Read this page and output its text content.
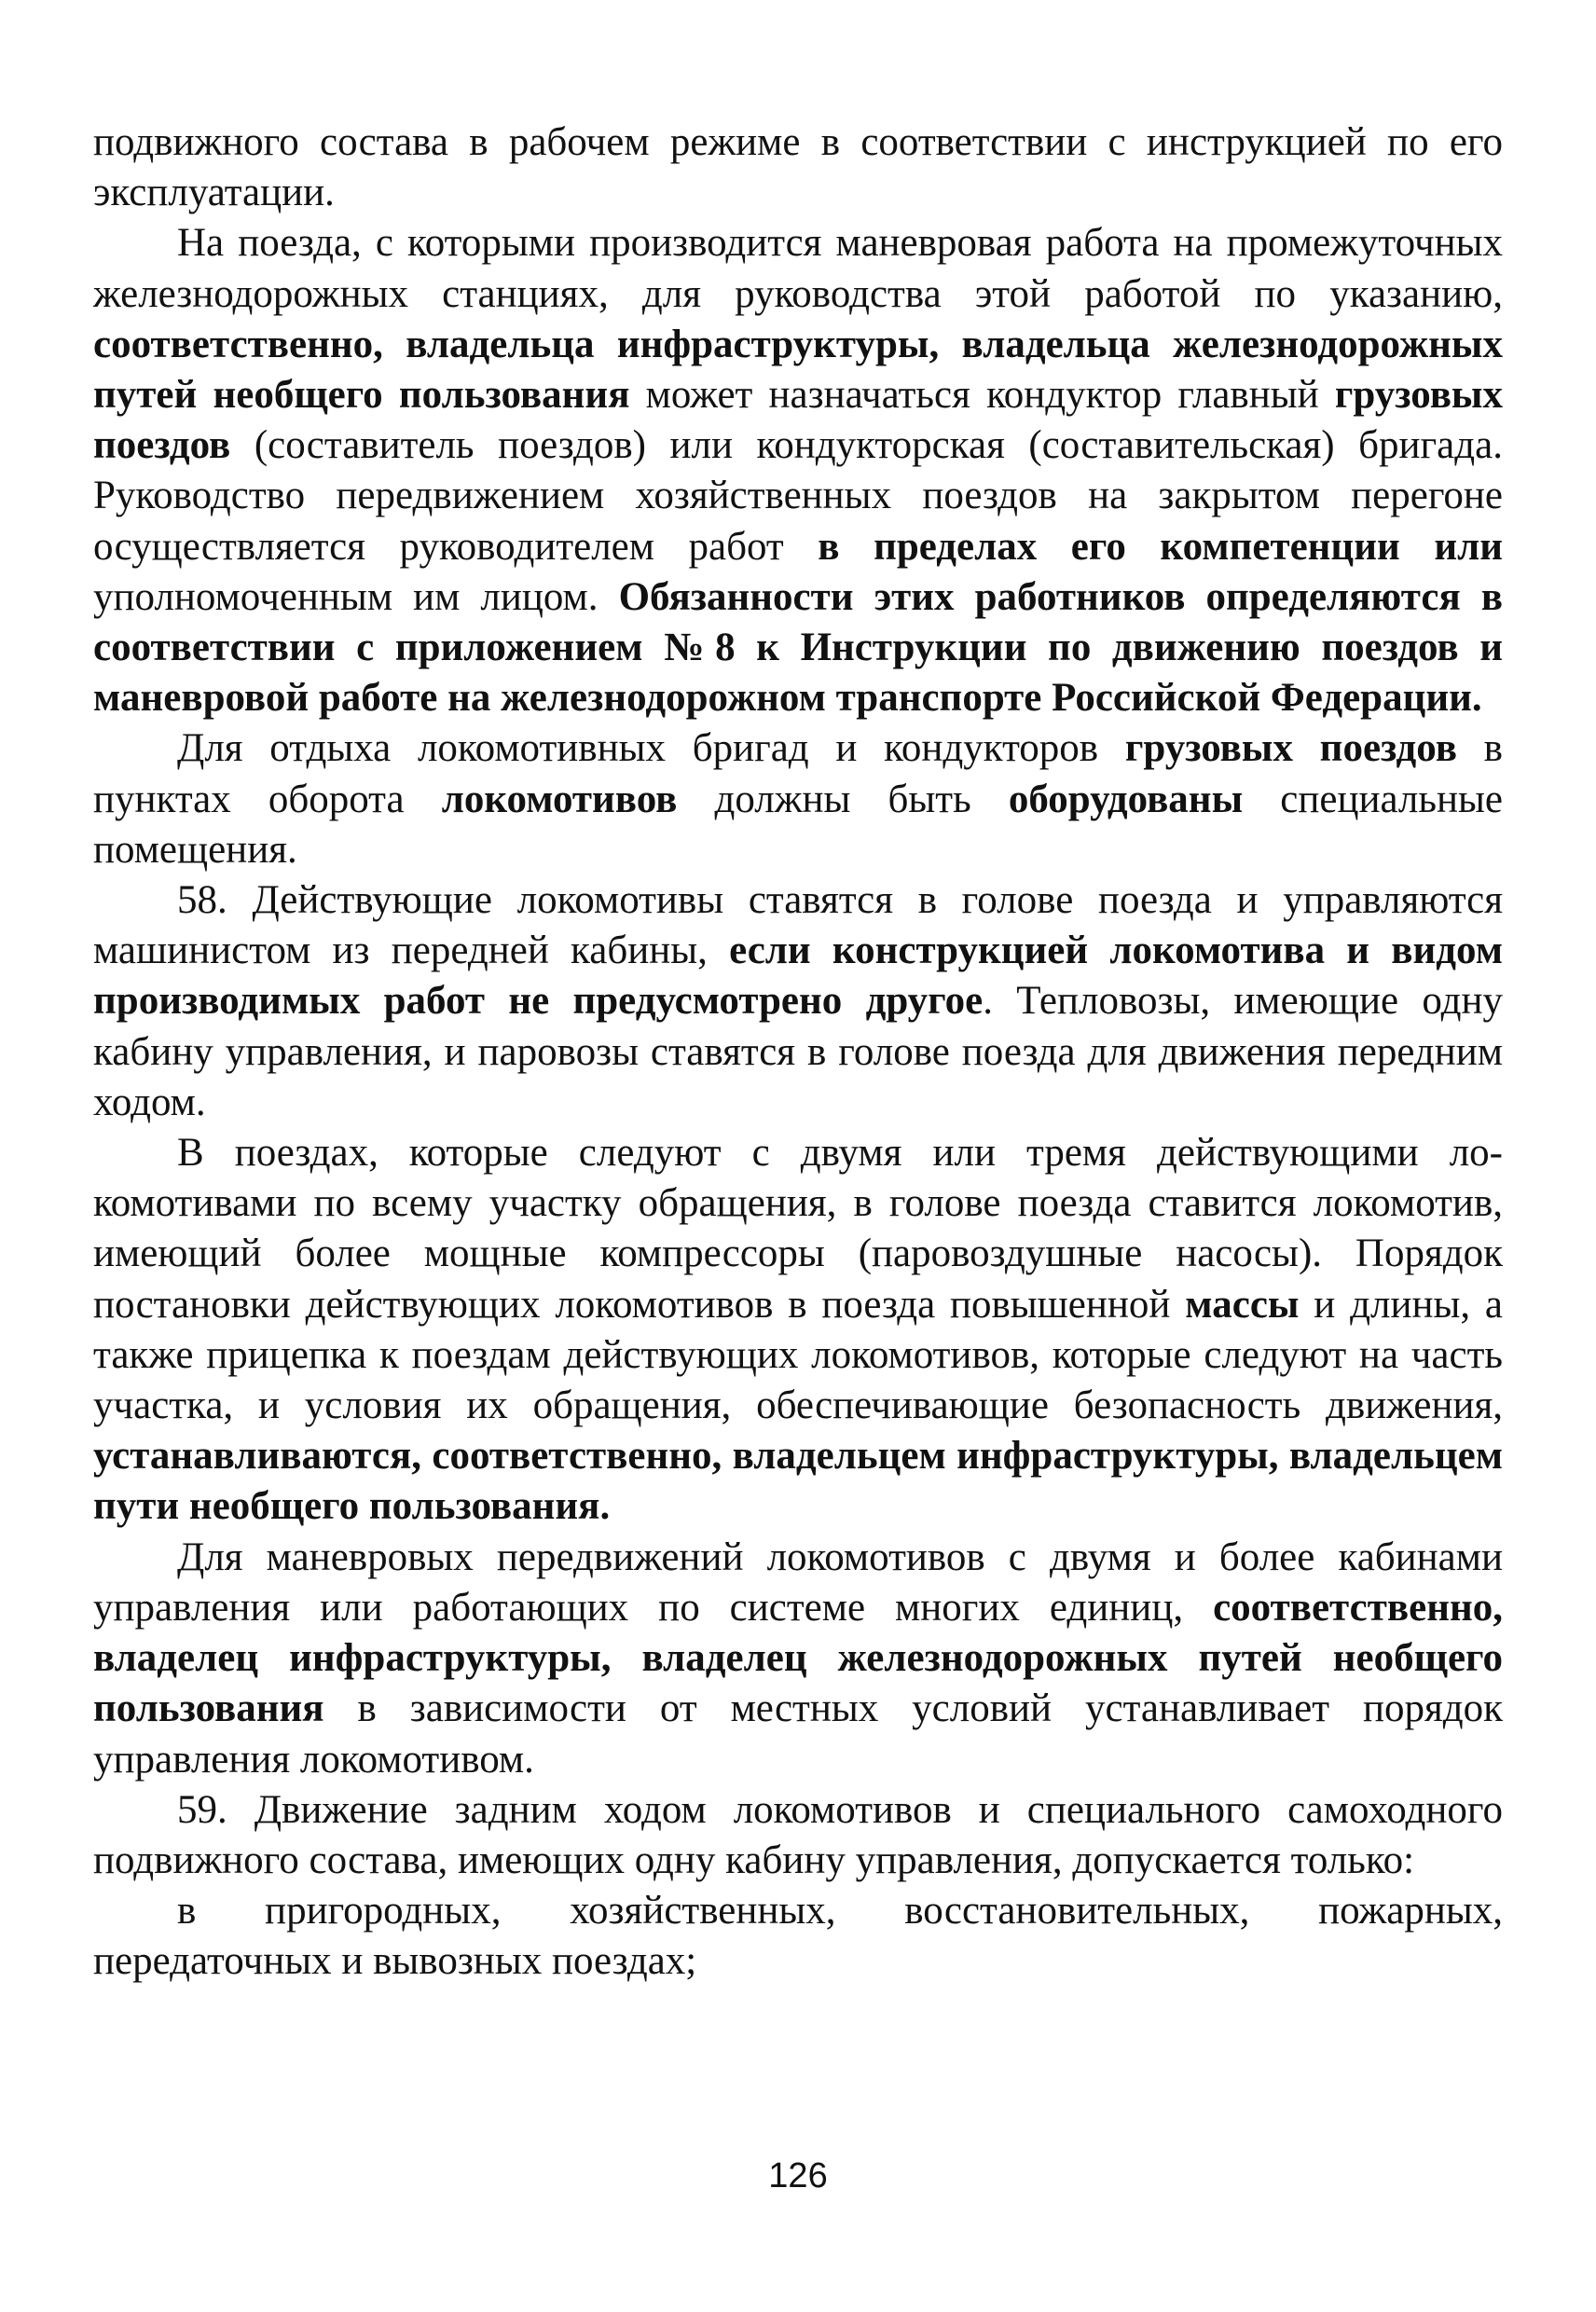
подвижного состава в рабочем режиме в соответствии с инструкцией по его эксплуатации.

На поезда, с которыми производится маневровая работа на промежуточных железнодорожных станциях, для руководства этой работой по указанию, соответственно, владельца инфраструктуры, владельца железнодорожных путей необщего пользования может назначаться кондуктор главный грузовых поездов (составитель поездов) или кондукторская (составительская) бригада. Руководство передвижением хозяйственных поездов на закрытом перегоне осуществляется руководителем работ в пределах его компетенции или уполномоченным им лицом. Обязанности этих работников определяются в соответствии с приложением №8 к Инструкции по движению поездов и маневровой работе на железнодорожном транспорте Российской Федерации.

Для отдыха локомотивных бригад и кондукторов грузовых поездов в пунктах оборота локомотивов должны быть оборудованы специальные помещения.

58. Действующие локомотивы ставятся в голове поезда и управляются машинистом из передней кабины, если конструкцией локомотива и видом производимых работ не предусмотрено другое. Тепловозы, имеющие одну кабину управления, и паровозы ставятся в голове поезда для движения передним ходом.

В поездах, которые следуют с двумя или тремя действующими локомотивами по всему участку обращения, в голове поезда ставится локомотив, имеющий более мощные компрессоры (паровоздушные насосы). Порядок постановки действующих локомотивов в поезда повышенной массы и длины, а также прицепка к поездам действующих локомотивов, которые следуют на часть участка, и условия их обращения, обеспечивающие безопасность движения, устанавливаются, соответственно, владельцем инфраструктуры, владельцем пути необщего пользования.

Для маневровых передвижений локомотивов с двумя и более кабинами управления или работающих по системе многих единиц, соответственно, владелец инфраструктуры, владелец железнодорожных путей необщего пользования в зависимости от местных условий устанавливает порядок управления локомотивом.

59. Движение задним ходом локомотивов и специального самоходного подвижного состава, имеющих одну кабину управления, допускается только:

в пригородных, хозяйственных, восстановительных, пожарных, передаточных и вывозных поездах;

126
